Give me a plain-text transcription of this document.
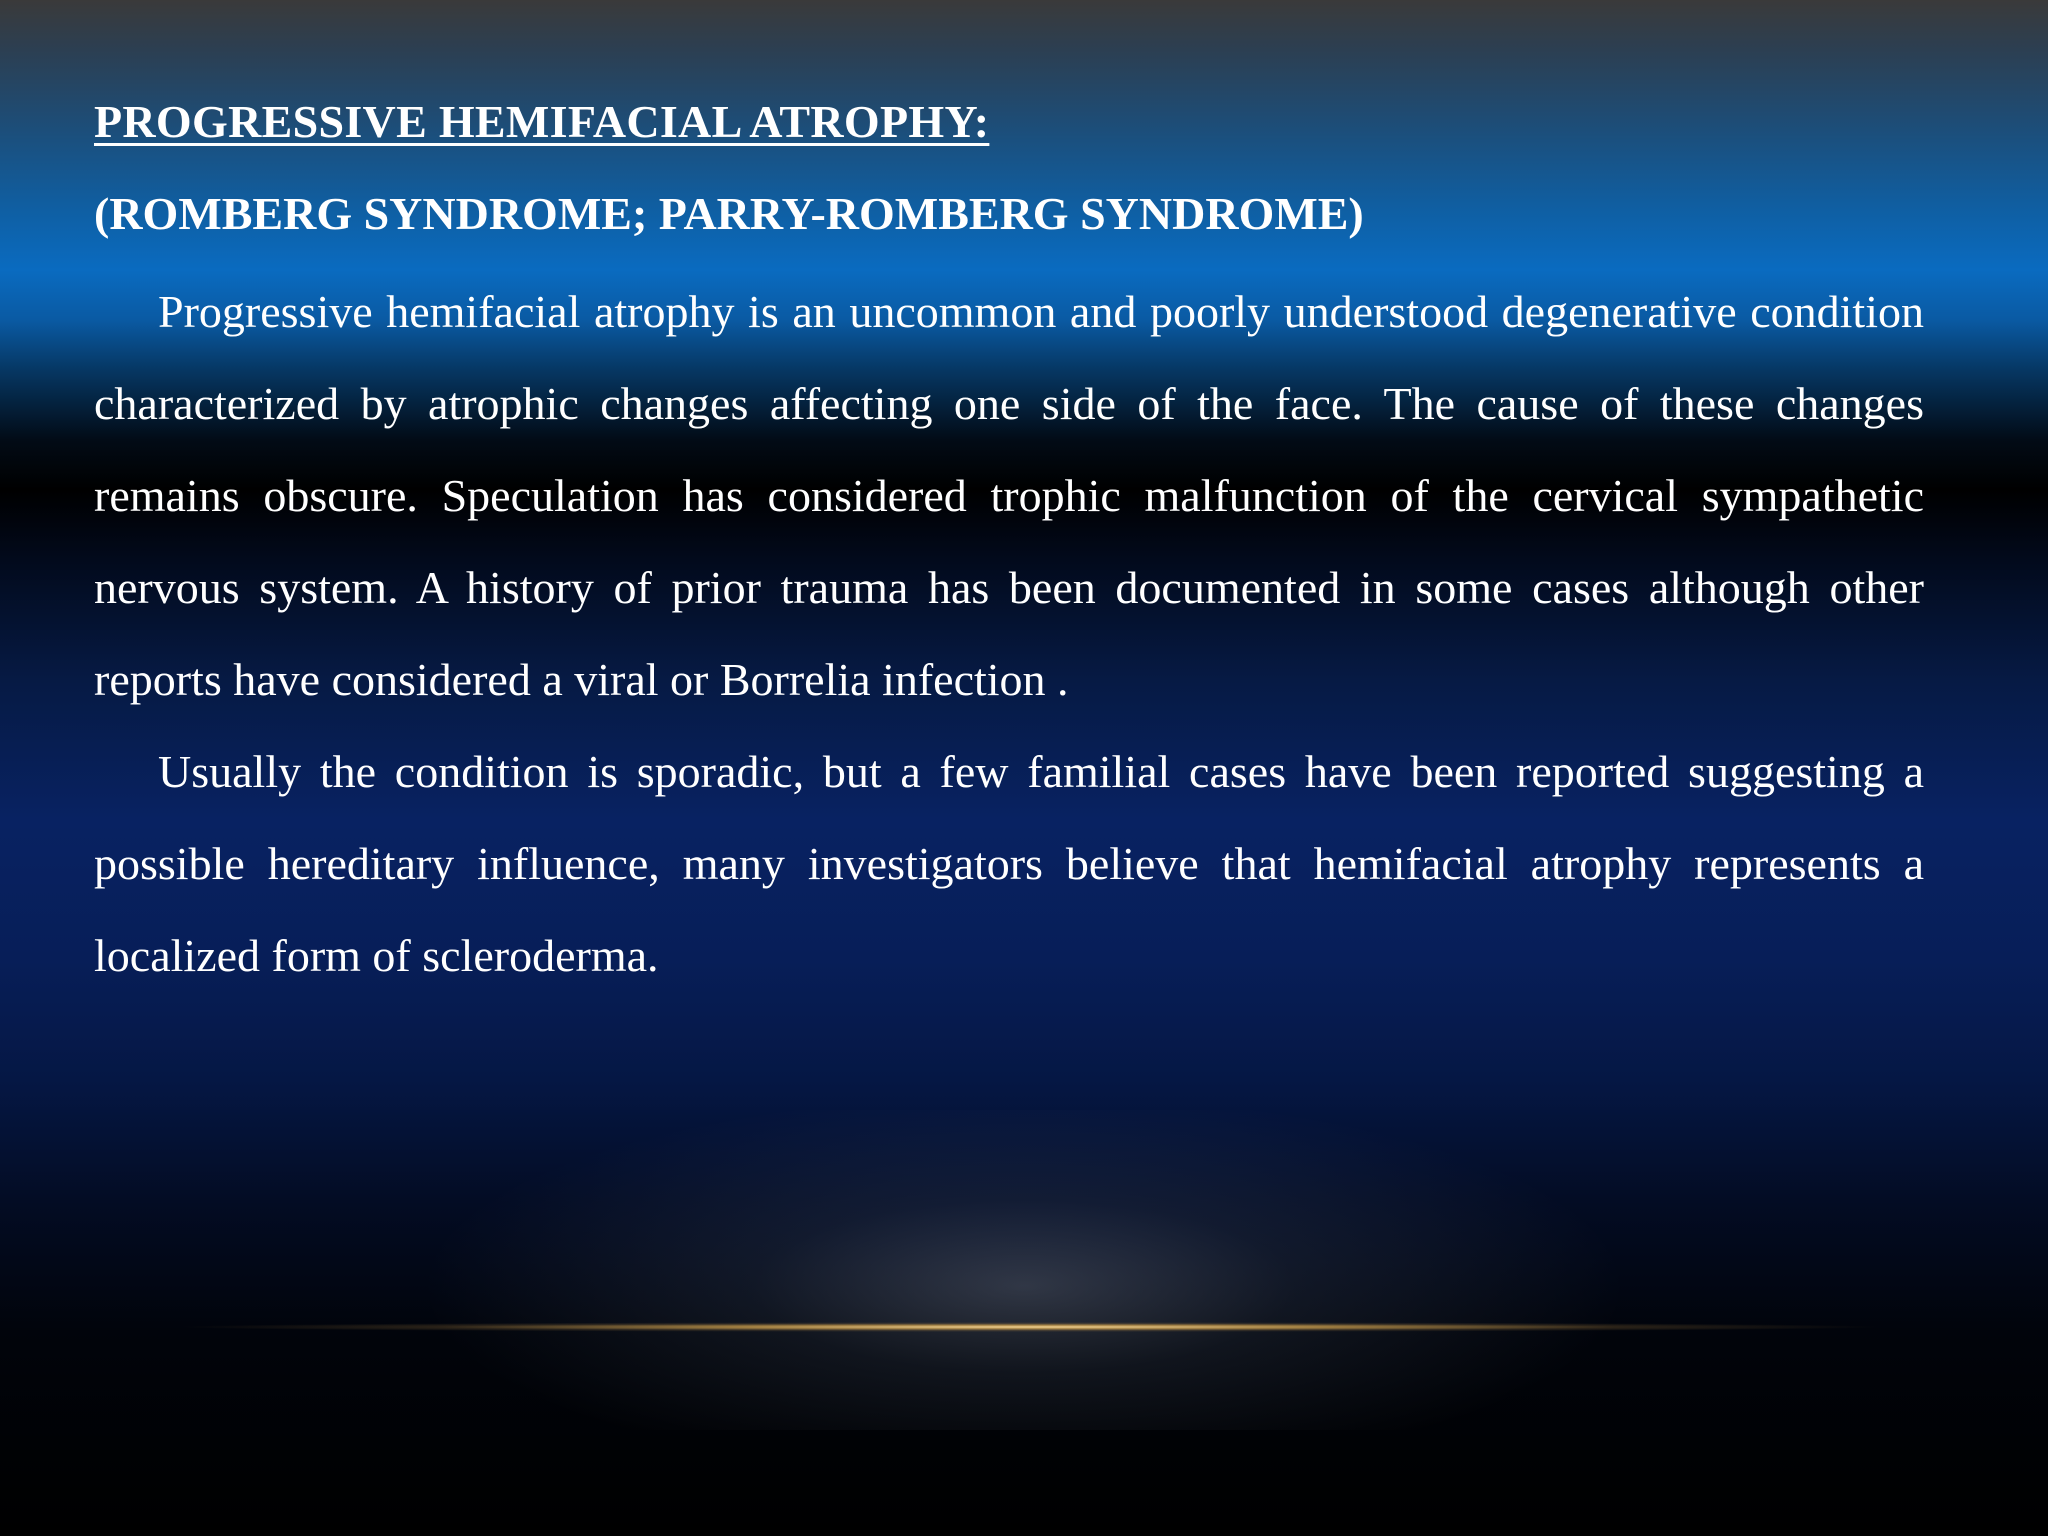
PROGRESSIVE HEMIFACIAL ATROPHY:
(ROMBERG SYNDROME; PARRY-ROMBERG SYNDROME)

Progressive hemifacial atrophy is an uncommon and poorly understood degenerative condition characterized by atrophic changes affecting one side of the face. The cause of these changes remains obscure. Speculation has considered trophic malfunction of the cervical sympathetic nervous system. A history of prior trauma has been documented in some cases although other reports have considered a viral or Borrelia infection .

Usually the condition is sporadic, but a few familial cases have been reported suggesting a possible hereditary influence, many investigators believe that hemifacial atrophy represents a localized form of scleroderma.
